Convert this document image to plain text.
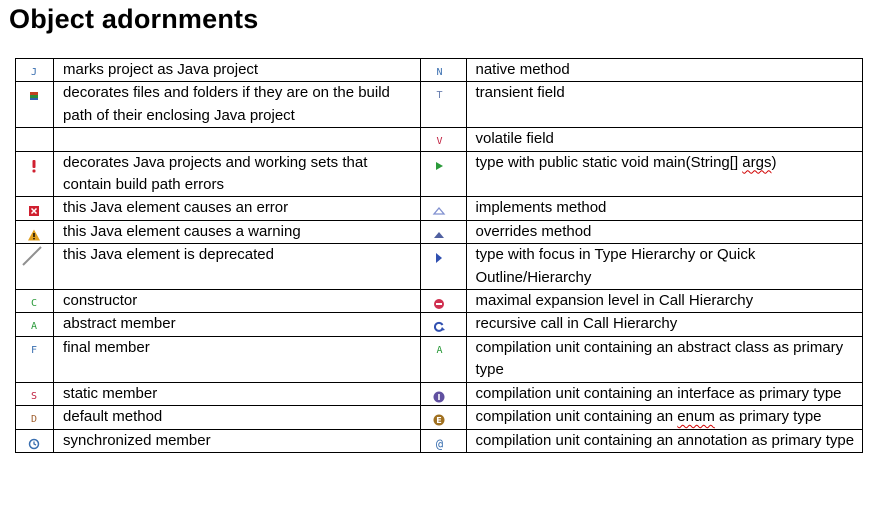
Object adornments
J	marks project as Java project	N	native method

	decorates files and folders if they are on the build path of their enclosing Java project	T	transient field

		V	volatile field

	decorates Java projects and working sets that contain build path errors		type with public static void main(String[] args)

	this Java element causes an error		implements method

	this Java element causes a warning		overrides method

	this Java element is deprecated		type with focus in Type Hierarchy or Quick Outline/Hierarchy

C	constructor		maximal expansion level in Call Hierarchy

A	abstract member		recursive call in Call Hierarchy

F	final member	A	compilation unit containing an abstract class as primary type

S	static member	I	compilation unit containing an interface as primary type

D	default method	E	compilation unit containing an enum as primary type

	synchronized member	@	compilation unit containing an annotation as primary type
